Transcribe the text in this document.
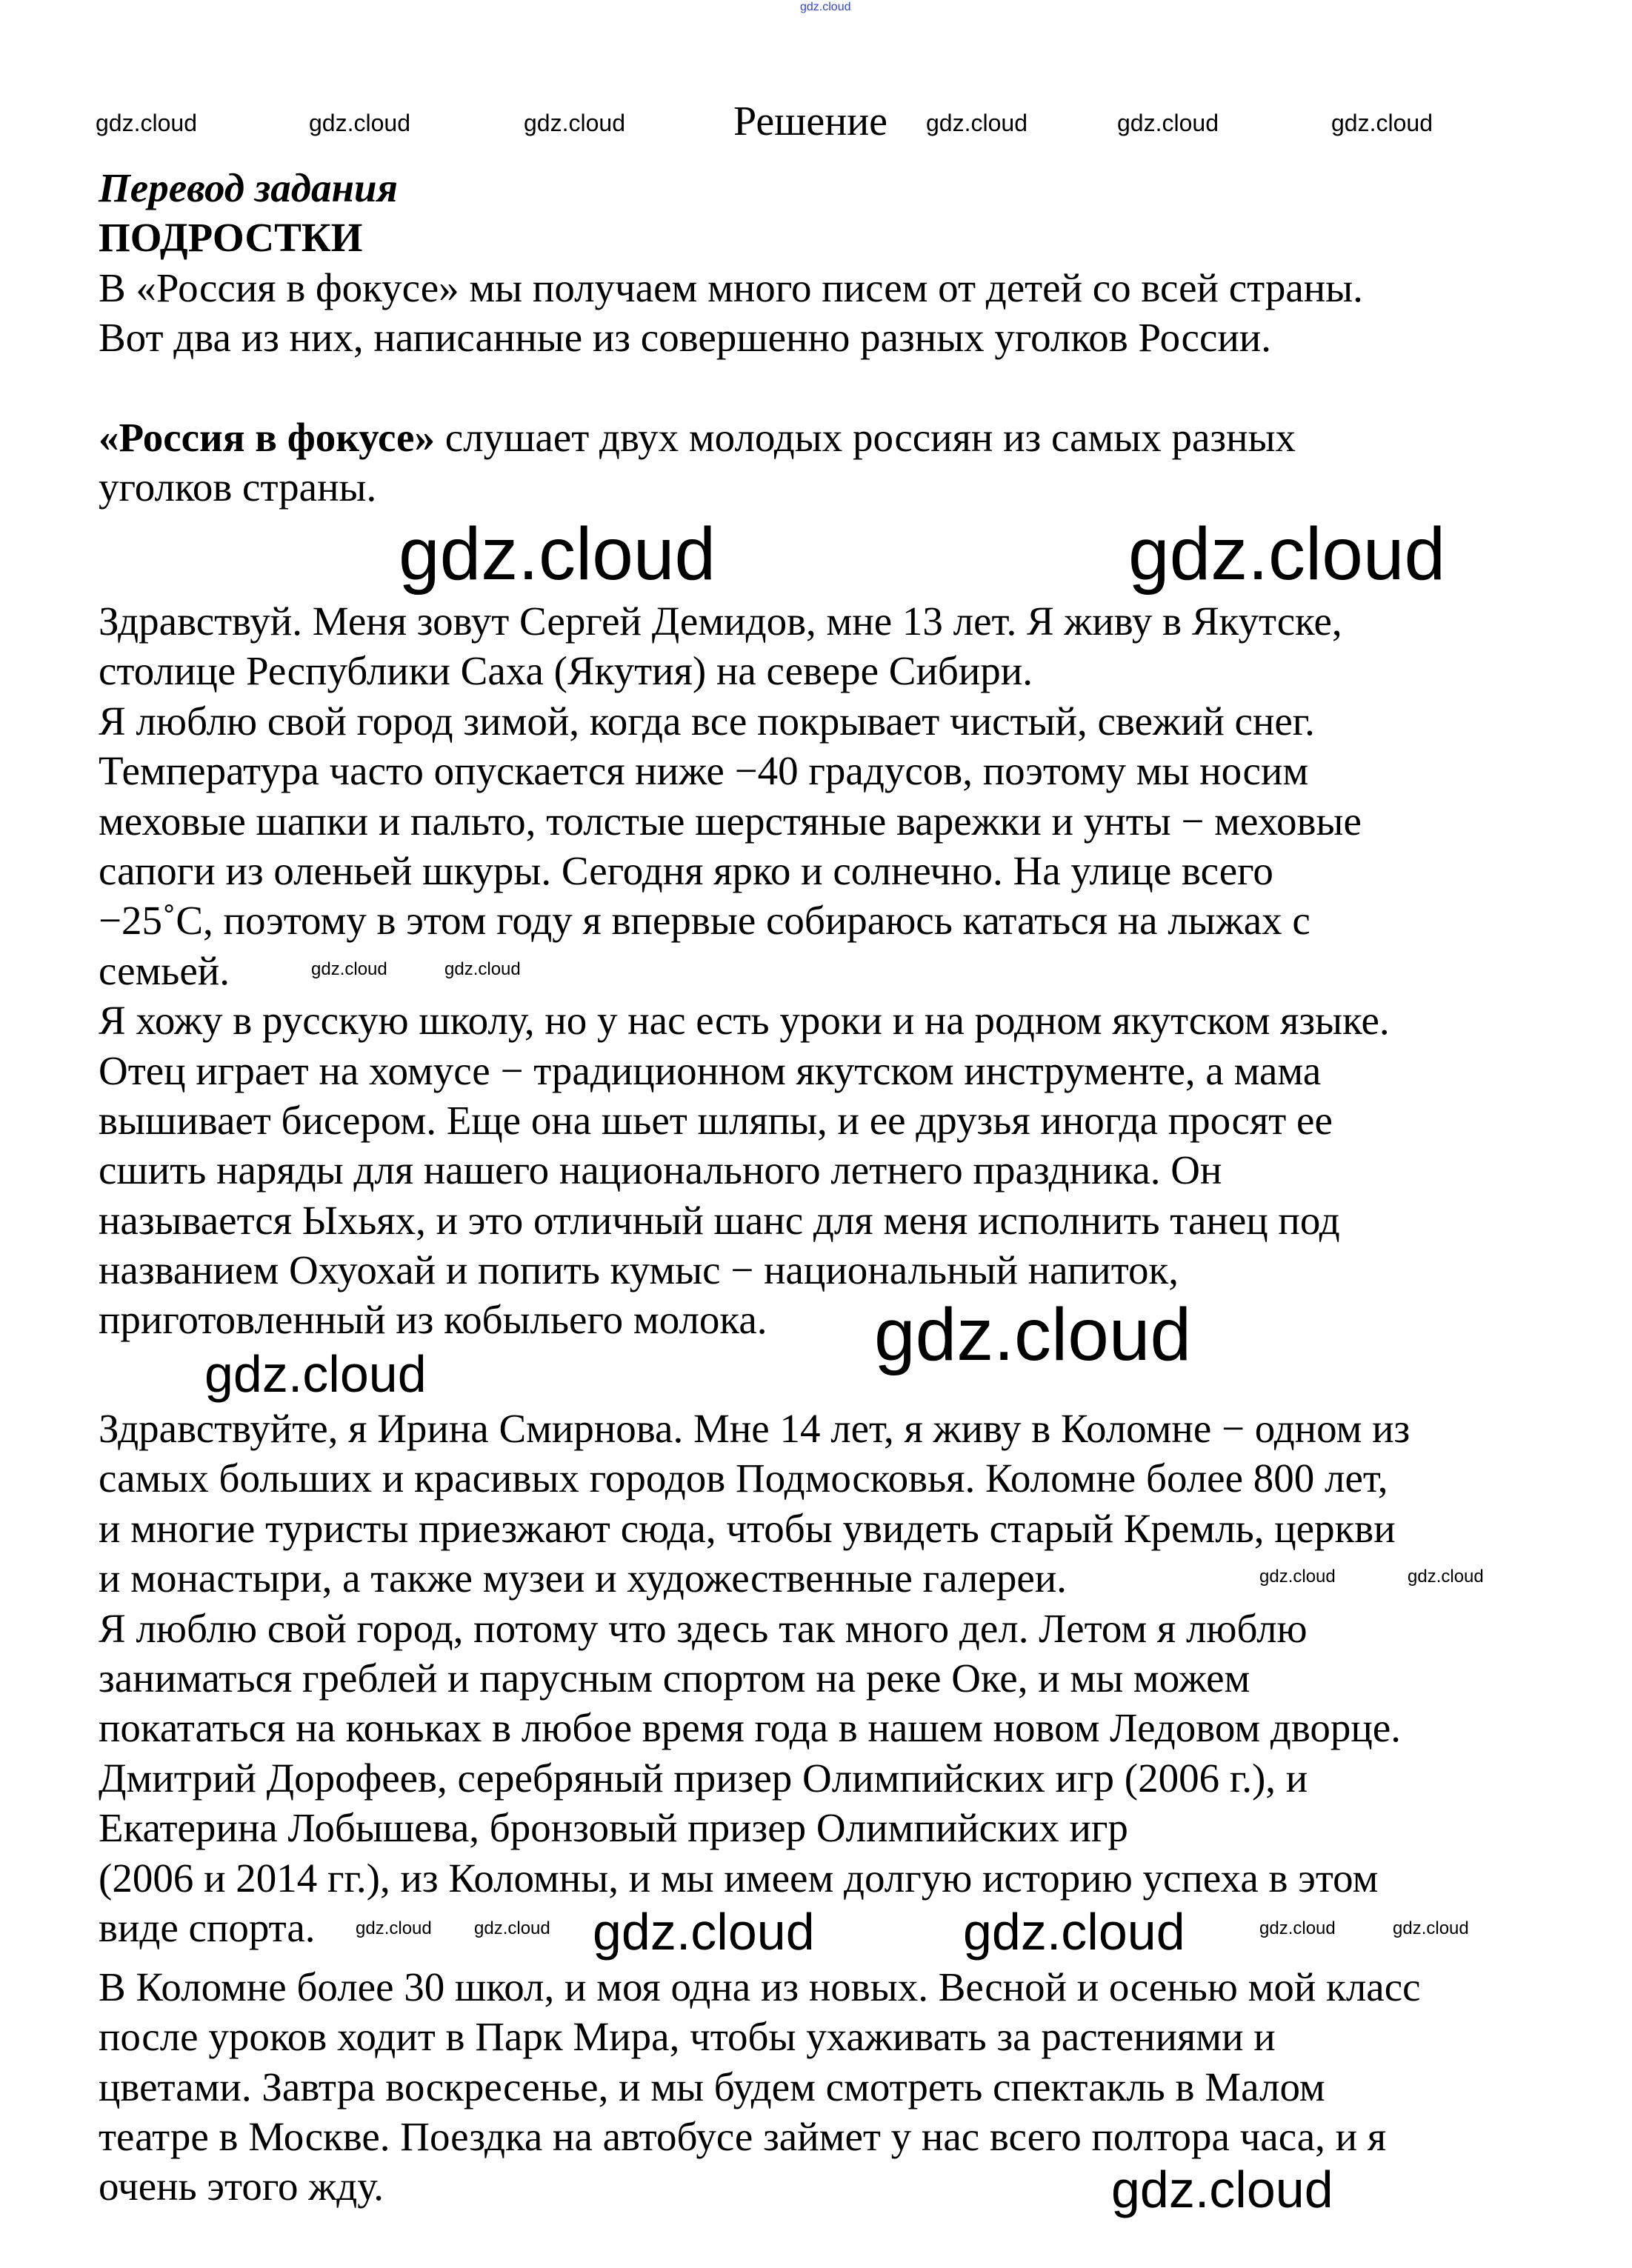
gdz.cloud
gdz.cloud	gdz.cloud	gdz.cloud	Решение gdz.cloud	gdz.cloud	gdz.cloud
Перевод задания
ПОДРОСТКИ
В «Россия в фокусе» мы получаем много писем от детей со всей страны.
Вот два из них, написанные из совершенно разных уголков России.

«Россия в фокусе» слушает двух молодых россиян из самых разных
уголков страны.
Здравствуй. Меня зовут Сергей Демидов, мне 13 лет. Я живу в Якутске,
столице Республики Саха (Якутия) на севере Сибири.
Я люблю свой город зимой, когда все покрывает чистый, свежий снег.
Температура часто опускается ниже −40 градусов, поэтому мы носим
меховые шапки и пальто, толстые шерстяные варежки и унты − меховые
сапоги из оленьей шкуры. Сегодня ярко и солнечно. На улице всего
−25˚С, поэтому в этом году я впервые собираюсь кататься на лыжах с
семьей.
Я хожу в русскую школу, но у нас есть уроки и на родном якутском языке.
Отец играет на хомусе − традиционном якутском инструменте, а мама
вышивает бисером. Еще она шьет шляпы, и ее друзья иногда просят ее
сшить наряды для нашего национального летнего праздника. Он
называется Ыхьях, и это отличный шанс для меня исполнить танец под
названием Охуохай и попить кумыс − национальный напиток,
приготовленный из кобыльего молока.
Здравствуйте, я Ирина Смирнова. Мне 14 лет, я живу в Коломне − одном из
самых больших и красивых городов Подмосковья. Коломне более 800 лет,
и многие туристы приезжают сюда, чтобы увидеть старый Кремль, церкви
и монастыри, а также музеи и художественные галереи.
Я люблю свой город, потому что здесь так много дел. Летом я люблю
заниматься греблей и парусным спортом на реке Оке, и мы можем
покататься на коньках в любое время года в нашем новом Ледовом дворце.
Дмитрий Дорофеев, серебряный призер Олимпийских игр (2006 г.), и
Екатерина Лобышева, бронзовый призер Олимпийских игр
(2006 и 2014 гг.), из Коломны, и мы имеем долгую историю успеха в этом
виде спорта.
В Коломне более 30 школ, и моя одна из новых. Весной и осенью мой класс
после уроков ходит в Парк Мира, чтобы ухаживать за растениями и
цветами. Завтра воскресенье, и мы будем смотреть спектакль в Малом
театре в Москве. Поездка на автобусе займет у нас всего полтора часа, и я
очень этого жду.
gdz.cloud	gdz.cloud
gdz.cloud	gdz.cloud
gdz.cloud
gdz.cloud
gdz.cloud	gdz.cloud
gdz.cloud gdz.cloud gdz.cloud	gdz.cloud	gdz.cloud	gdz.cloud
gdz.cloud
